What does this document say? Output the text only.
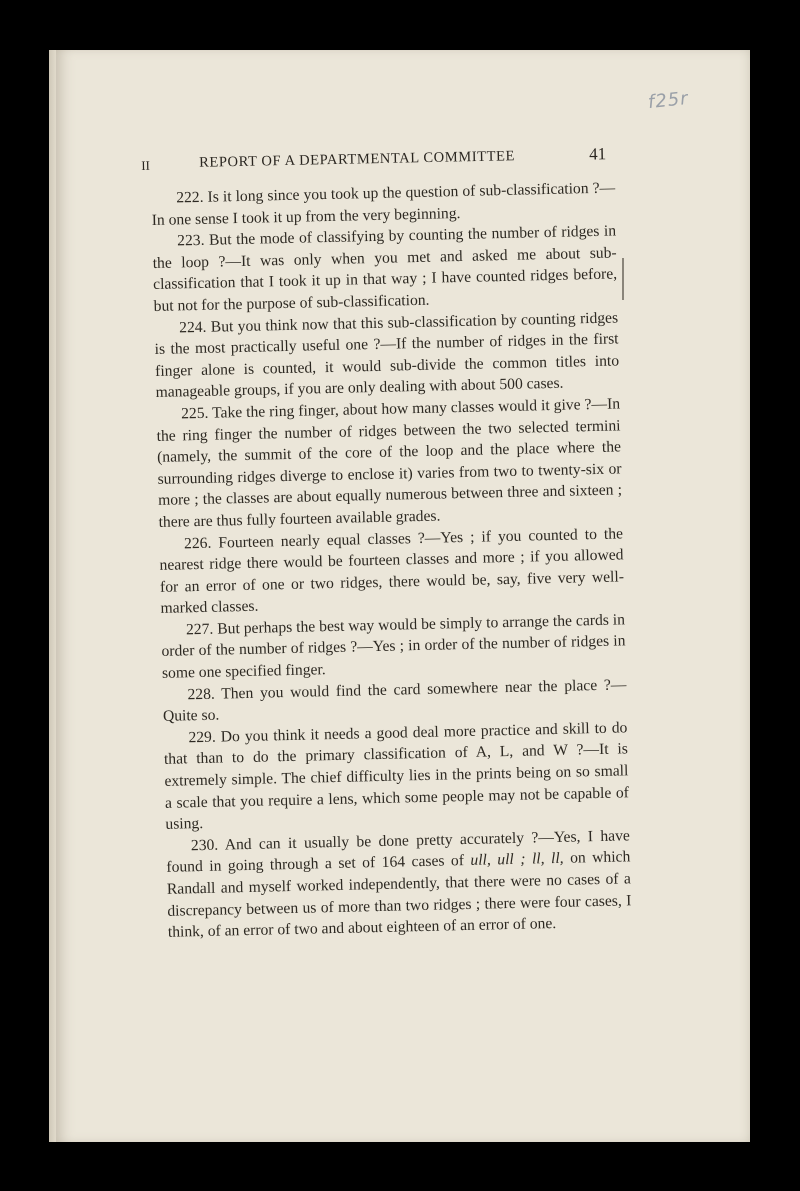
f25r
II	REPORT OF A DEPARTMENTAL COMMITTEE	41

222. Is it long since you took up the question of sub-classification ?—In one sense I took it up from the very beginning.

223. But the mode of classifying by counting the number of ridges in the loop ?—It was only when you met and asked me about sub-classification that I took it up in that way ; I have counted ridges before, but not for the purpose of sub-classification.

224. But you think now that this sub-classification by counting ridges is the most practically useful one ?—If the number of ridges in the first finger alone is counted, it would sub-divide the common titles into manageable groups, if you are only dealing with about 500 cases.

225. Take the ring finger, about how many classes would it give ?—In the ring finger the number of ridges between the two selected termini (namely, the summit of the core of the loop and the place where the surrounding ridges diverge to enclose it) varies from two to twenty-six or more ; the classes are about equally numerous between three and sixteen ; there are thus fully fourteen available grades.

226. Fourteen nearly equal classes ?—Yes ; if you counted to the nearest ridge there would be fourteen classes and more ; if you allowed for an error of one or two ridges, there would be, say, five very well-marked classes.

227. But perhaps the best way would be simply to arrange the cards in order of the number of ridges ?—Yes ; in order of the number of ridges in some one specified finger.

228. Then you would find the card somewhere near the place ?—Quite so.

229. Do you think it needs a good deal more practice and skill to do that than to do the primary classification of A, L, and W ?—It is extremely simple. The chief difficulty lies in the prints being on so small a scale that you require a lens, which some people may not be capable of using.

230. And can it usually be done pretty accurately ?—Yes, I have found in going through a set of 164 cases of ull, ull ; ll, ll, on which Randall and myself worked independently, that there were no cases of a discrepancy between us of more than two ridges ; there were four cases, I think, of an error of two and about eighteen of an error of one.
